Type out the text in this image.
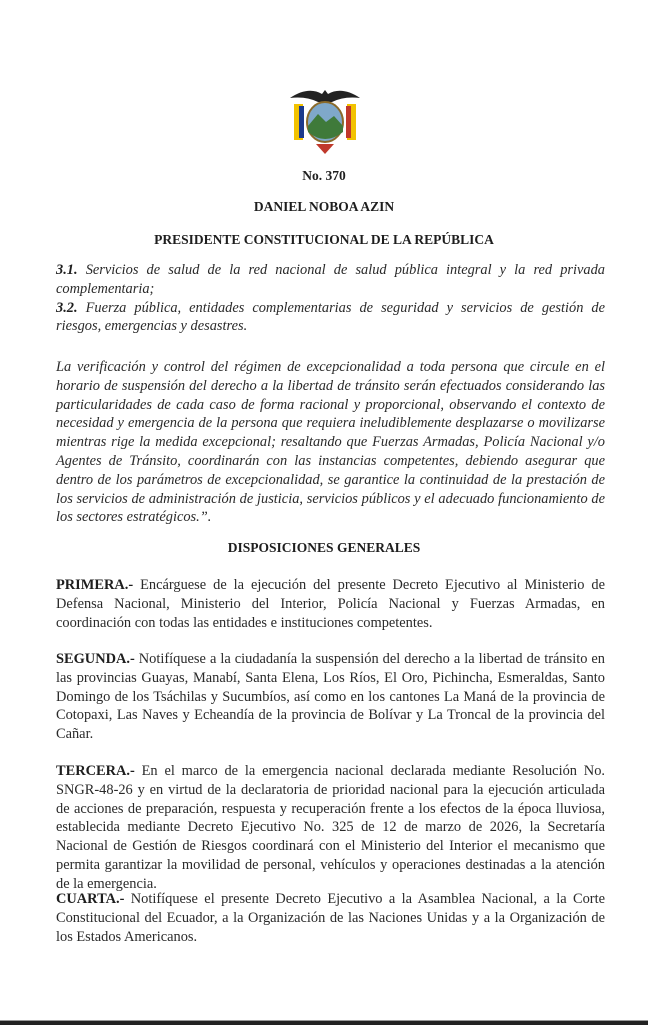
No. 370
DANIEL NOBOA AZIN
PRESIDENTE CONSTITUCIONAL DE LA REPÚBLICA

3.1. Servicios de salud de la red nacional de salud pública integral y la red privada complementaria;

3.2. Fuerza pública, entidades complementarias de seguridad y servicios de gestión de riesgos, emergencias y desastres.

La verificación y control del régimen de excepcionalidad a toda persona que circule en el horario de suspensión del derecho a la libertad de tránsito serán efectuados considerando las particularidades de cada caso de forma racional y proporcional, observando el contexto de necesidad y emergencia de la persona que requiera ineludiblemente desplazarse o movilizarse mientras rige la medida excepcional; resaltando que Fuerzas Armadas, Policía Nacional y/o Agentes de Tránsito, coordinarán con las instancias competentes, debiendo asegurar que dentro de los parámetros de excepcionalidad, se garantice la continuidad de la prestación de los servicios de administración de justicia, servicios públicos y el adecuado funcionamiento de los sectores estratégicos.”.

DISPOSICIONES GENERALES

PRIMERA.- Encárguese de la ejecución del presente Decreto Ejecutivo al Ministerio de Defensa Nacional, Ministerio del Interior, Policía Nacional y Fuerzas Armadas, en coordinación con todas las entidades e instituciones competentes.

SEGUNDA.- Notifíquese a la ciudadanía la suspensión del derecho a la libertad de tránsito en las provincias Guayas, Manabí, Santa Elena, Los Ríos, El Oro, Pichincha, Esmeraldas, Santo Domingo de los Tsáchilas y Sucumbíos, así como en los cantones La Maná de la provincia de Cotopaxi, Las Naves y Echeandía de la provincia de Bolívar y La Troncal de la provincia del Cañar.

TERCERA.- En el marco de la emergencia nacional declarada mediante Resolución No. SNGR-48-26 y en virtud de la declaratoria de prioridad nacional para la ejecución articulada de acciones de preparación, respuesta y recuperación frente a los efectos de la época lluviosa, establecida mediante Decreto Ejecutivo No. 325 de 12 de marzo de 2026, la Secretaría Nacional de Gestión de Riesgos coordinará con el Ministerio del Interior el mecanismo que permita garantizar la movilidad de personal, vehículos y operaciones destinadas a la atención de la emergencia.

CUARTA.- Notifíquese el presente Decreto Ejecutivo a la Asamblea Nacional, a la Corte Constitucional del Ecuador, a la Organización de las Naciones Unidas y a la Organización de los Estados Americanos.
